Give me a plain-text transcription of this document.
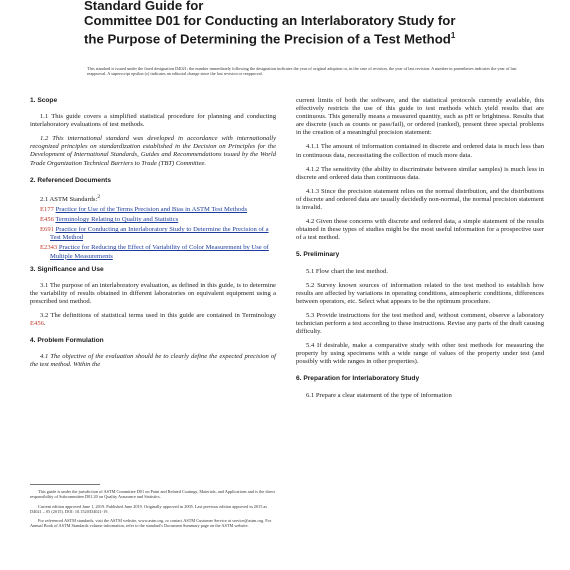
Standard Guide for

Committee D01 for Conducting an Interlaboratory Study for

the Purpose of Determining the Precision of a Test Method$^1$

This standard is issued under the fixed designation D4021; the number immediately following the designation indicates the year of original adoption or, in the case of revision, the year of last revision. A number in parentheses indicates the year of last reapproval. A superscript epsilon (ε) indicates an editorial change since the last revision or reapproval.

1. Scope

1.1 This guide covers a simplified statistical procedure for planning and conducting interlaboratory evaluations of test methods.

1.2 This international standard was developed in accordance with internationally recognized principles on standardization established in the Decision on Principles for the Development of International Standards, Guides and Recommendations issued by the World Trade Organization Technical Barriers to Trade (TBT) Committee.

2. Referenced Documents

2.1 ASTM Standards:$^2$

E177 Practice for Use of the Terms Precision and Bias in ASTM Test Methods

E456 Terminology Relating to Quality and Statistics

E691 Practice for Conducting an Interlaboratory Study to Determine the Precision of a Test Method

E2343 Practice for Reducing the Effect of Variability of Color Measurement by Use of Multiple Measurements

3. Significance and Use

3.1 The purpose of an interlaboratory evaluation, as defined in this guide, is to determine the variability of results obtained in different laboratories on equivalent equipment using a prescribed test method.

3.2 The definitions of statistical terms used in this guide are contained in Terminology E456.

4. Problem Formulation

4.1 The objective of the evaluation should be to clearly define the expected precision of the test method. Within the

This guide is under the jurisdiction of ASTM Committee D01 on Paint and Related Coatings, Materials, and Applications and is the direct responsibility of Subcommittee D01.20 on Quality Assurance and Statistics.

Current edition approved June 1, 2019. Published June 2019. Originally approved in 2005. Last previous edition approved in 2015 as D4021 – 05 (2015). DOI: 10.1520/D4021-19.

For referenced ASTM standards, visit the ASTM website, www.astm.org, or contact ASTM Customer Service at service@astm.org. For Annual Book of ASTM Standards volume information, refer to the standard's Document Summary page on the ASTM website.

current limits of both the software, and the statistical protocols currently available, this effectively restricts the use of this guide to test methods which yield results that are continuous. This generally means a measured quantity, such as pH or brightness. Results that are discrete (such as counts or pass/fail), or ordered (ranked), present three special problems in the creation of a meaningful precision statement:

4.1.1 The amount of information contained in discrete and ordered data is much less than in continuous data, necessitating the collection of much more data.

4.1.2 The sensitivity (the ability to discriminate between similar samples) is much less in discrete and ordered data than continuous data.

4.1.3 Since the precision statement relies on the normal distribution, and the distributions of discrete and ordered data are usually decidedly non-normal, the normal precision statement is invalid.

4.2 Given these concerns with discrete and ordered data, a simple statement of the results obtained in these types of studies might be the most useful information for a prospective user of a test method.

5. Preliminary

5.1 Flow chart the test method.

5.2 Survey known sources of information related to the test method to establish how results are affected by variations in operating conditions, atmospheric conditions, differences between operators, etc. Select what appears to be the optimum procedure.

5.3 Provide instructions for the test method and, without comment, observe a laboratory technician perform a test according to these instructions. Revise any parts of the draft causing difficulty.

5.4 If desirable, make a comparative study with other test methods for measuring the property by using specimens with a wide range of values of the property under test (and possibly with wide ranges in other properties).

6. Preparation for Interlaboratory Study

6.1 Prepare a clear statement of the type of information
